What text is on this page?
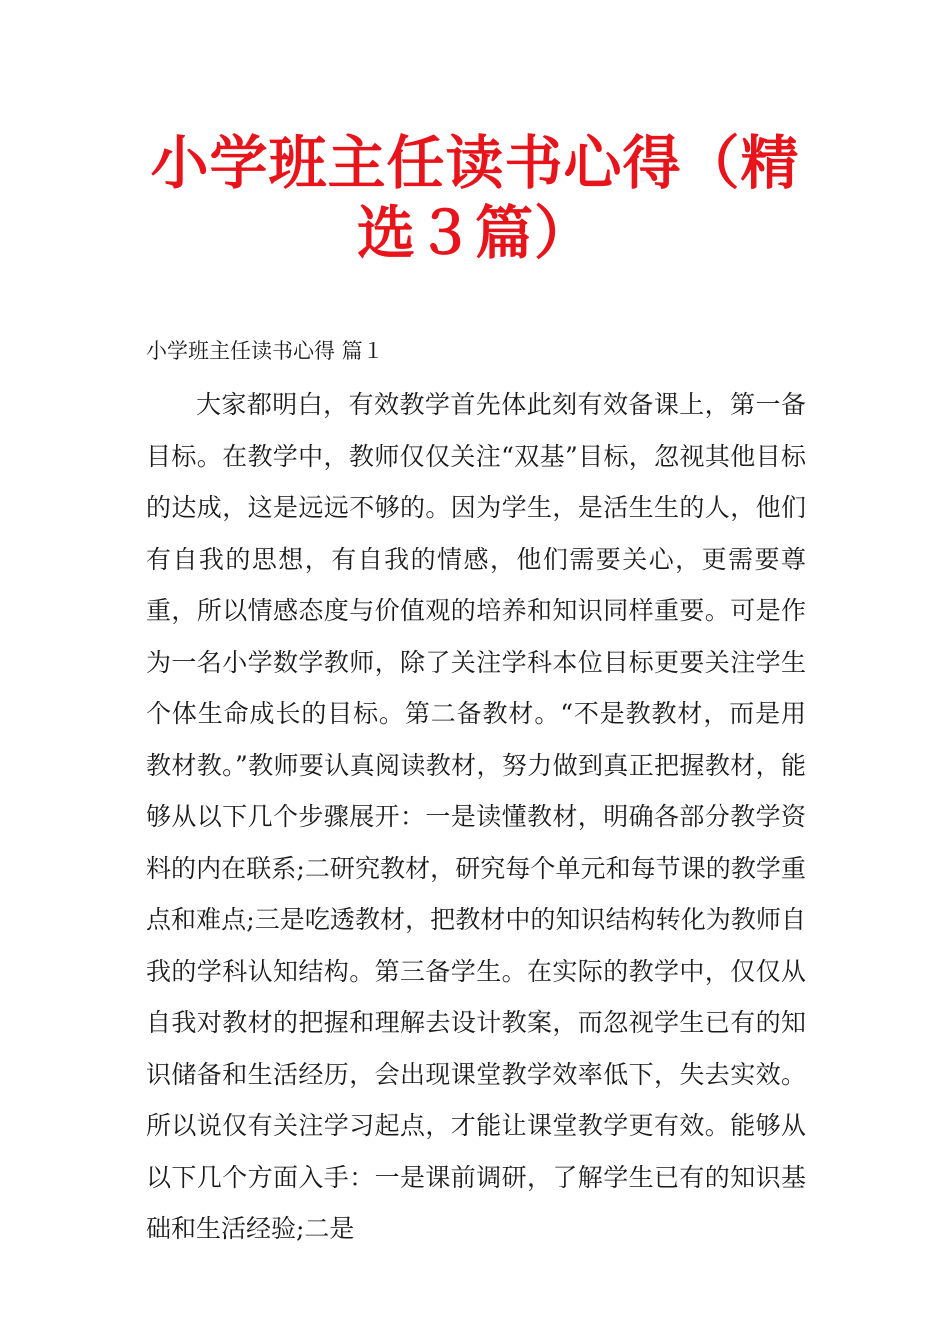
小学班主任读书心得（精选３篇）
小学班主任读书心得 篇１

大家都明白，有效教学首先体此刻有效备课上，第一备目标。在教学中，教师仅仅关注“双基”目标，忽视其他目标的达成，这是远远不够的。因为学生，是活生生的人，他们有自我的思想，有自我的情感，他们需要关心，更需要尊重，所以情感态度与价值观的培养和知识同样重要。可是作为一名小学数学教师，除了关注学科本位目标更要关注学生个体生命成长的目标。第二备教材。“不是教教材，而是用教材教。”教师要认真阅读教材，努力做到真正把握教材，能够从以下几个步骤展开：一是读懂教材，明确各部分教学资料的内在联系;二研究教材，研究每个单元和每节课的教学重点和难点;三是吃透教材，把教材中的知识结构转化为教师自我的学科认知结构。第三备学生。在实际的教学中，仅仅从自我对教材的把握和理解去设计教案，而忽视学生已有的知识储备和生活经历，会出现课堂教学效率低下，失去实效。所以说仅有关注学习起点，才能让课堂教学更有效。能够从以下几个方面入手：一是课前调研，了解学生已有的知识基础和生活经验;二是
